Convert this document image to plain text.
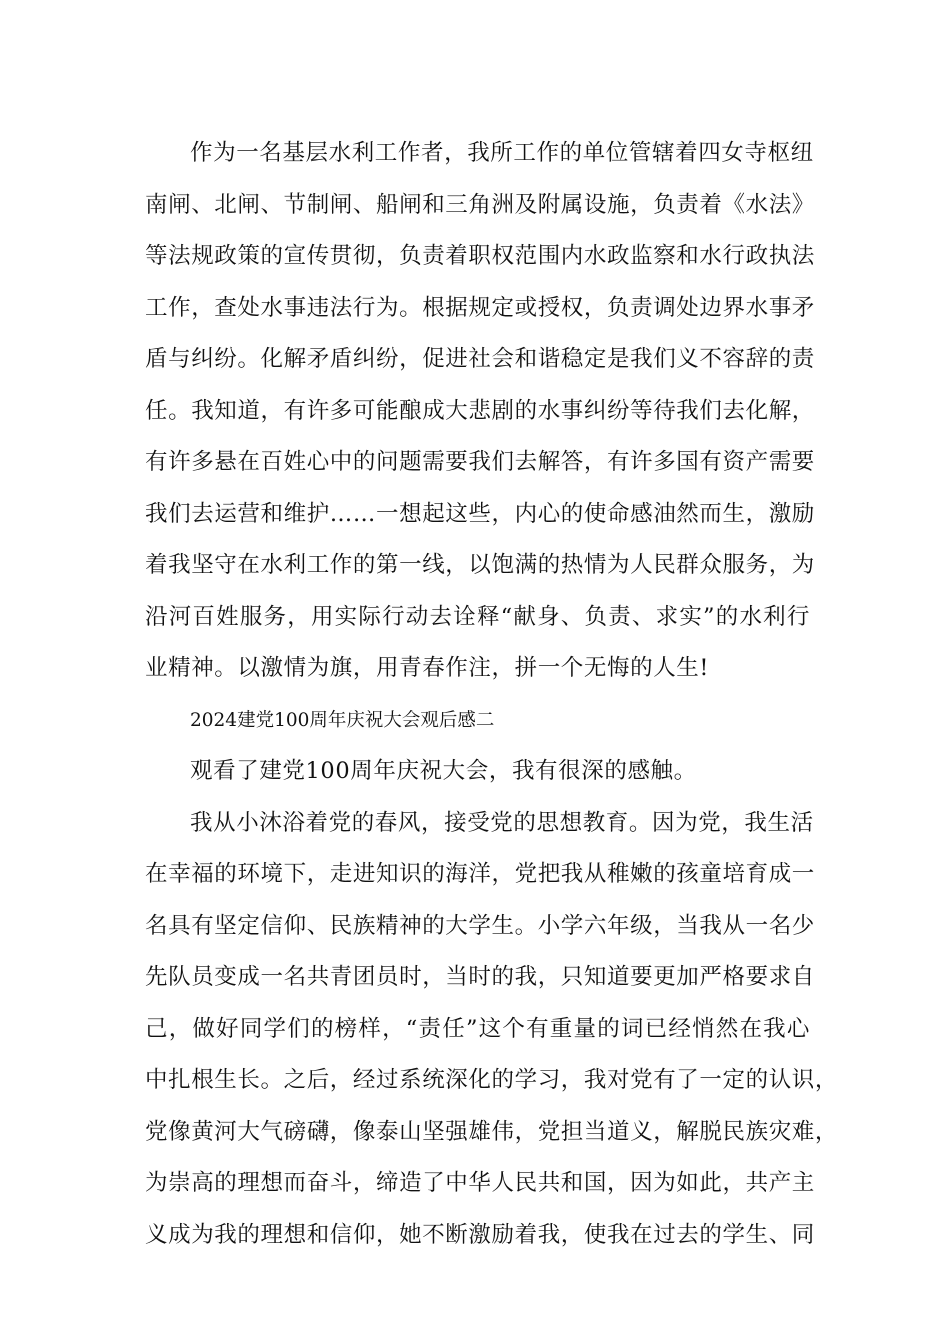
作为一名基层水利工作者，我所工作的单位管辖着四女寺枢纽
南闸、北闸、节制闸、船闸和三角洲及附属设施，负责着《水法》
等法规政策的宣传贯彻，负责着职权范围内水政监察和水行政执法
工作，查处水事违法行为。根据规定或授权，负责调处边界水事矛
盾与纠纷。化解矛盾纠纷，促进社会和谐稳定是我们义不容辞的责
任。我知道，有许多可能酿成大悲剧的水事纠纷等待我们去化解，
有许多悬在百姓心中的问题需要我们去解答，有许多国有资产需要
我们去运营和维护……一想起这些，内心的使命感油然而生，激励
着我坚守在水利工作的第一线，以饱满的热情为人民群众服务，为
沿河百姓服务，用实际行动去诠释“献身、负责、求实”的水利行
业精神。以激情为旗，用青春作注，拼一个无悔的人生!
2024建党100周年庆祝大会观后感二
观看了建党100周年庆祝大会，我有很深的感触。
我从小沐浴着党的春风，接受党的思想教育。因为党，我生活
在幸福的环境下，走进知识的海洋，党把我从稚嫩的孩童培育成一
名具有坚定信仰、民族精神的大学生。小学六年级，当我从一名少
先队员变成一名共青团员时，当时的我，只知道要更加严格要求自
己，做好同学们的榜样，“责任”这个有重量的词已经悄然在我心
中扎根生长。之后，经过系统深化的学习，我对党有了一定的认识，
党像黄河大气磅礴，像泰山坚强雄伟，党担当道义，解脱民族灾难，
为崇高的理想而奋斗，缔造了中华人民共和国，因为如此，共产主
义成为我的理想和信仰，她不断激励着我，使我在过去的学生、同
